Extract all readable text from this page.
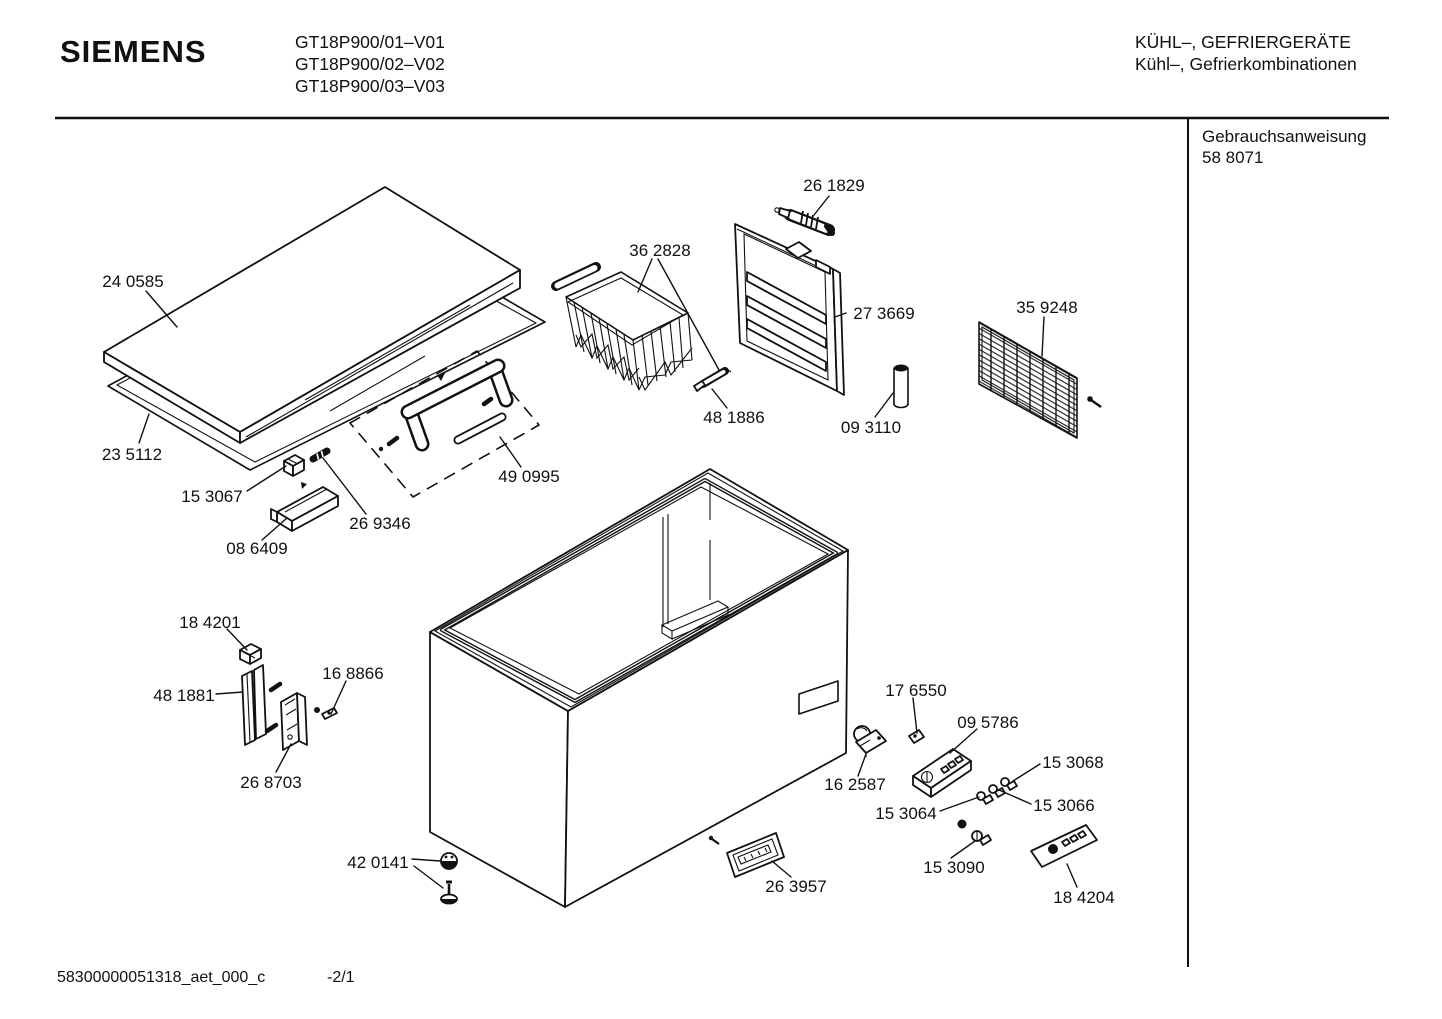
SIEMENS	GT18P900/01–V01
GT18P900/02–V02
GT18P900/03–V03
KÜHL–, GEFRIERGERÄTE
Kühl–, Gefrierkombinationen
Gebrauchsanweisung
58 8071
24 0585
23 5112
15 3067
08 6409
26 9346
49 0995
36 2828
48 1886
26 1829
27 3669
09 3110
35 9248
18 4201
48 1881
16 8866
26 8703
17 6550
09 5786
16 2587
15 3068
15 3066
15 3064
15 3090
18 4204
42 0141
26 3957
58300000051318_aet_000_c	-2/1
